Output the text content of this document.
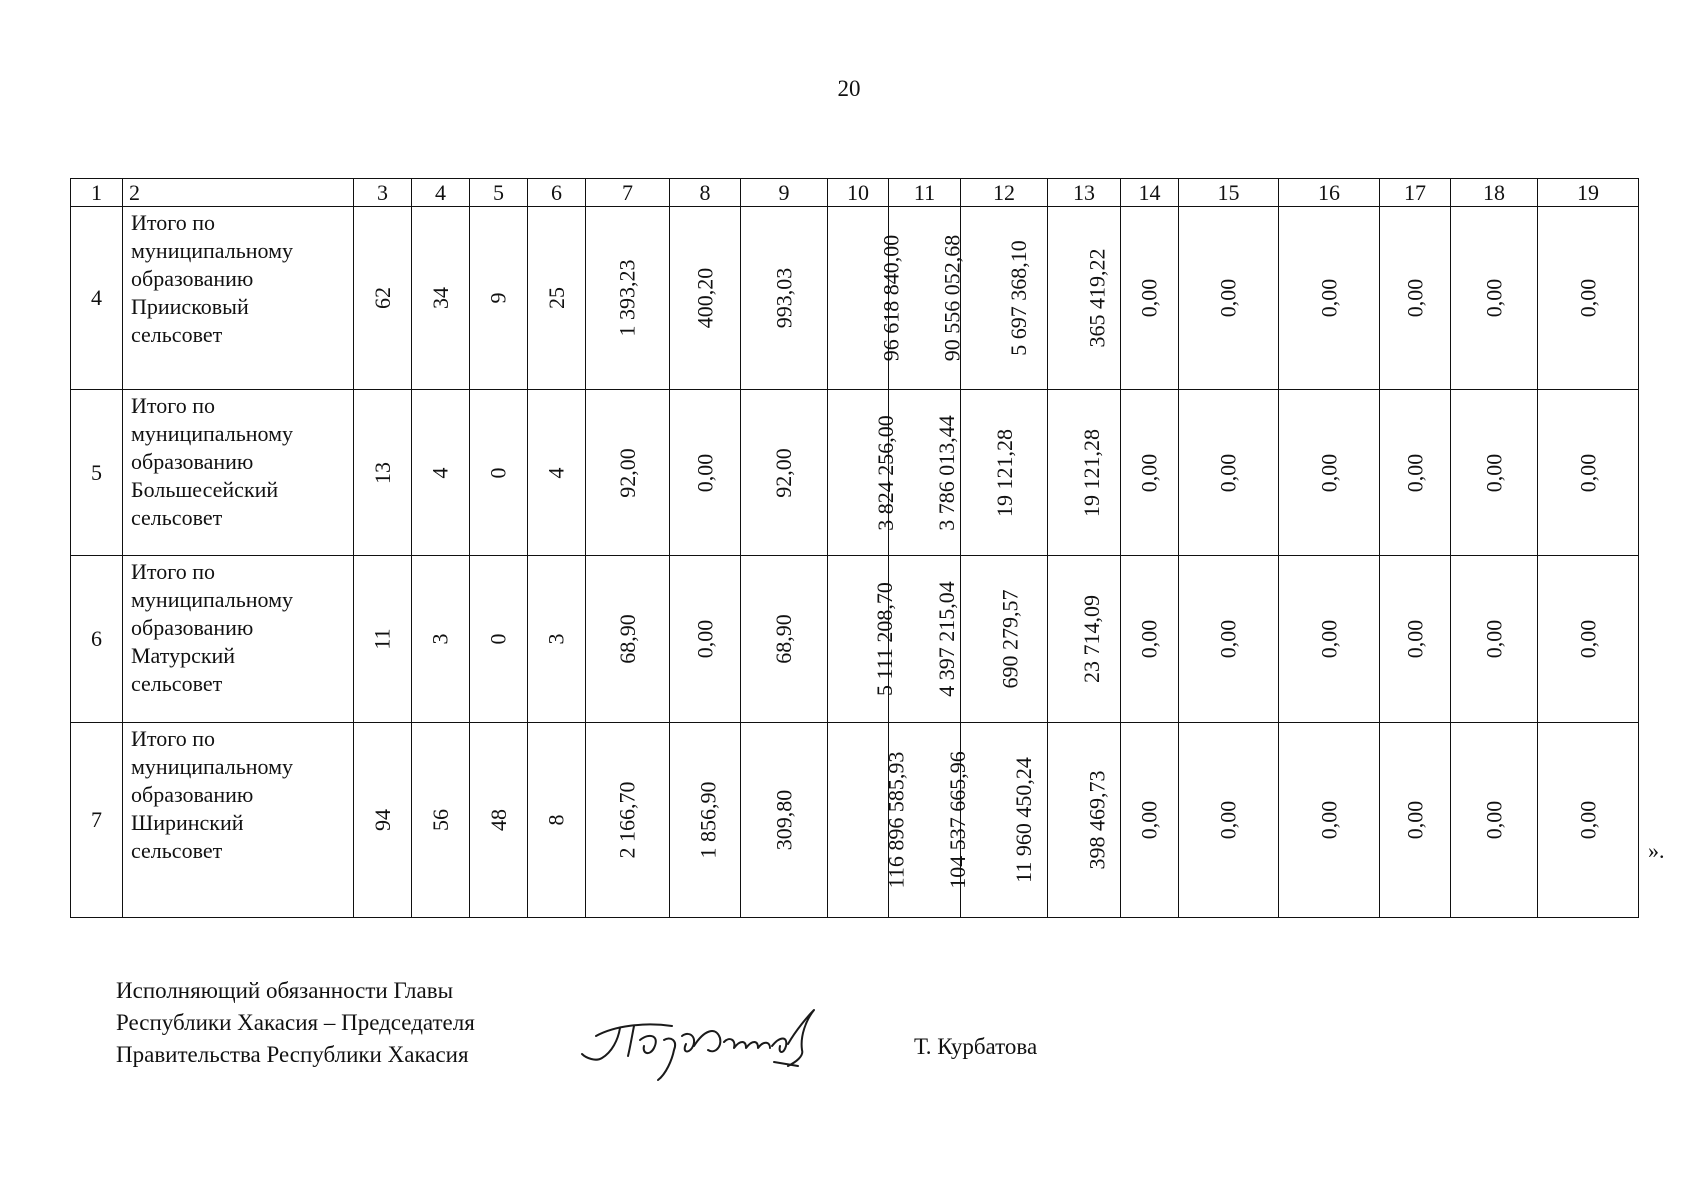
20
1	2	3	4	5	6	7	8	9	10	11	12	13	14	15	16	17	18	19
4	Итого по
муниципальному
образованию
Приисковый
сельсовет	62	34	9	25	1 393,23	400,20	993,03	96 618 840,00	90 556 052,68	5 697 368,10	365 419,22	0,00	0,00	0,00	0,00	0,00	0,00
5	Итого по
муниципальному
образованию
Большесейский
сельсовет	13	4	0	4	92,00	0,00	92,00	3 824 256,00	3 786 013,44	19 121,28	19 121,28	0,00	0,00	0,00	0,00	0,00	0,00
6	Итого по
муниципальному
образованию
Матурский
сельсовет	11	3	0	3	68,90	0,00	68,90	5 111 208,70	4 397 215,04	690 279,57	23 714,09	0,00	0,00	0,00	0,00	0,00	0,00
7	Итого по
муниципальному
образованию
Ширинский
сельсовет	94	56	48	8	2 166,70	1 856,90	309,80	116 896 585,93	104 537 665,96	11 960 450,24	398 469,73	0,00	0,00	0,00	0,00	0,00	0,00
».
Исполняющий обязанности Главы
Республики Хакасия – Председателя
Правительства Республики Хакасия	Т. Курбатова
